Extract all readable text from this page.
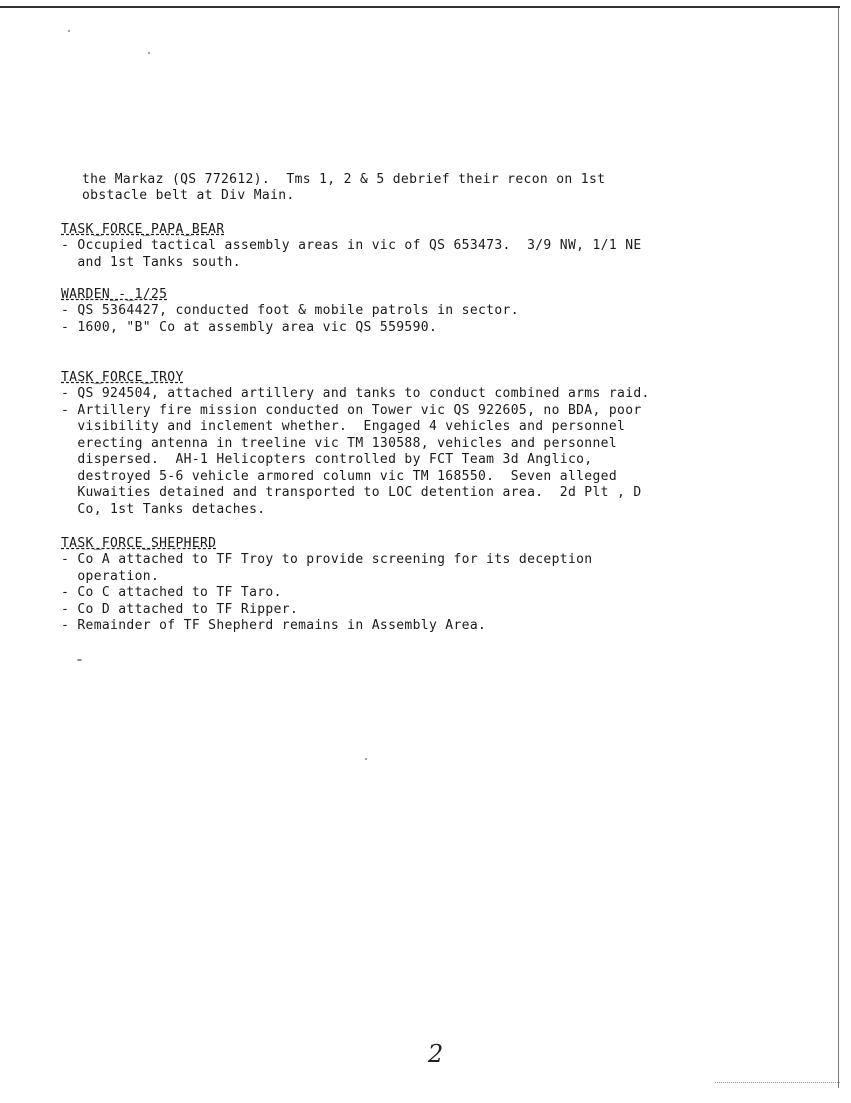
the Markaz (QS 772612).  Tms 1, 2 & 5 debrief their recon on 1st
obstacle belt at Div Main.
TASK_FORCE_PAPA_BEAR
- Occupied tactical assembly areas in vic of QS 653473.  3/9 NW, 1/1 NE
and 1st Tanks south.
WARDEN_-_1/25
- QS 5364427, conducted foot & mobile patrols in sector.
- 1600, "B" Co at assembly area vic QS 559590.
TASK_FORCE_TROY
- QS 924504, attached artillery and tanks to conduct combined arms raid.
- Artillery fire mission conducted on Tower vic QS 922605, no BDA, poor
visibility and inclement whether.  Engaged 4 vehicles and personnel
erecting antenna in treeline vic TM 130588, vehicles and personnel
dispersed.  AH-1 Helicopters controlled by FCT Team 3d Anglico,
destroyed 5-6 vehicle armored column vic TM 168550.  Seven alleged
Kuwaities detained and transported to LOC detention area.  2d Plt , D
Co, 1st Tanks detaches.
TASK_FORCE_SHEPHERD
- Co A attached to TF Troy to provide screening for its deception
operation.
- Co C attached to TF Taro.
- Co D attached to TF Ripper.
- Remainder of TF Shepherd remains in Assembly Area.
2
